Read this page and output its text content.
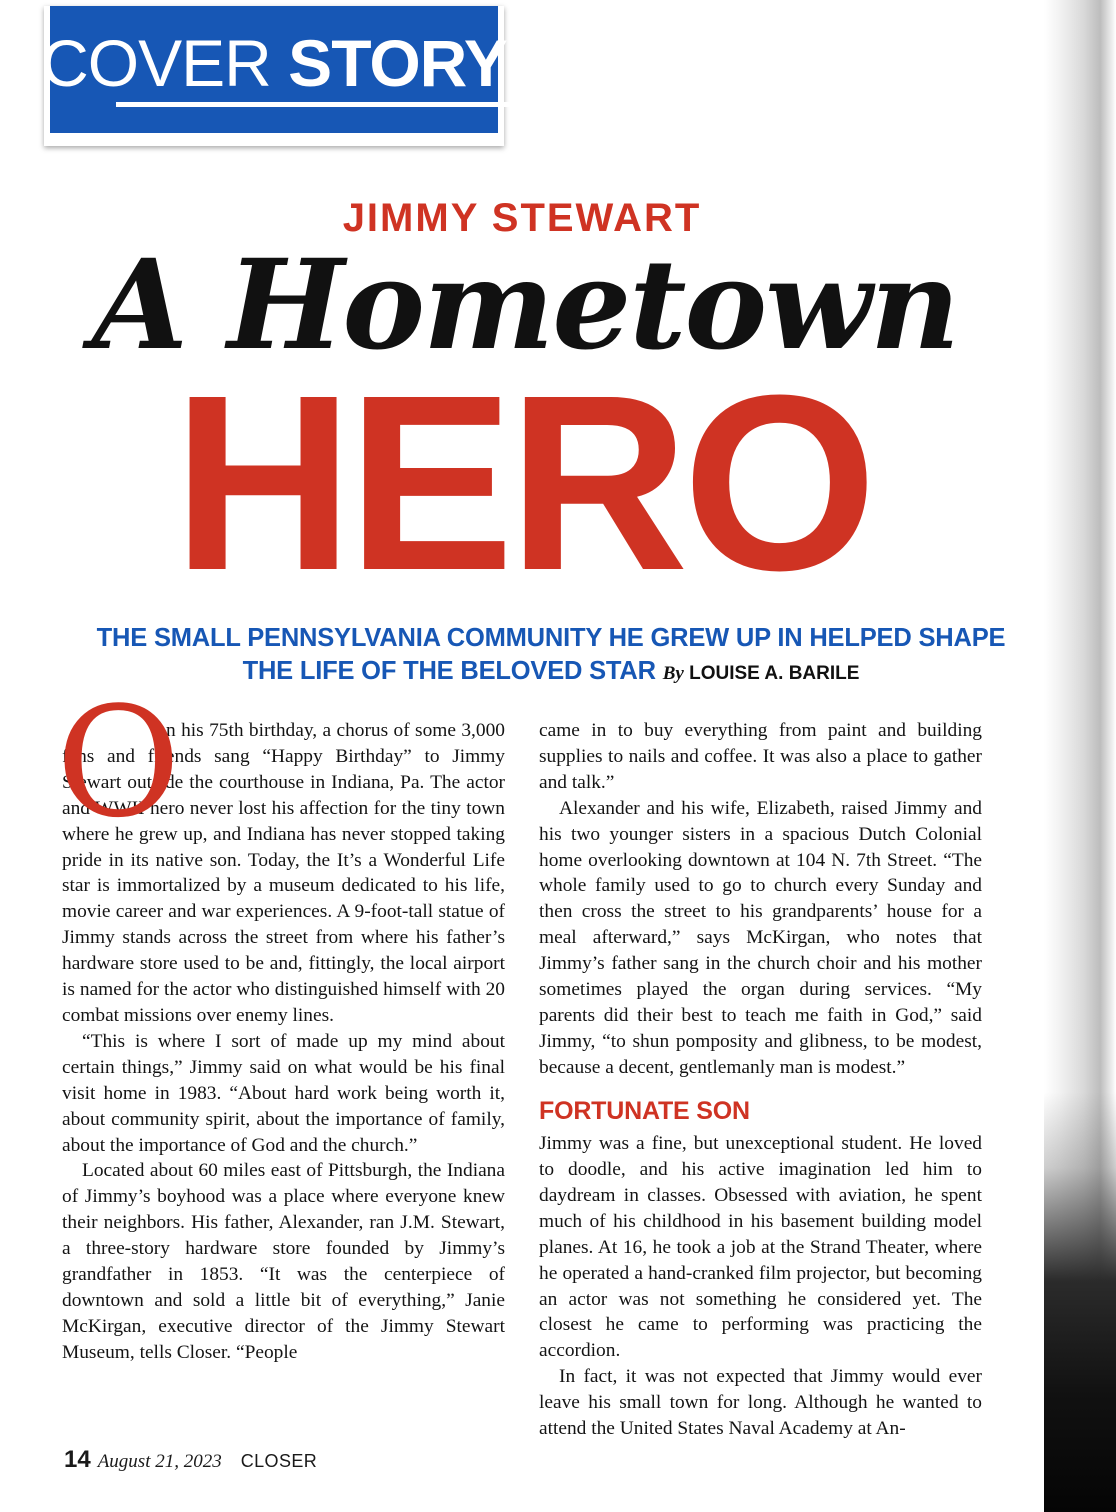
COVER STORY
JIMMY STEWART
A Hometown
HERO
THE SMALL PENNSYLVANIA COMMUNITY HE GREW UP IN HELPED SHAPE THE LIFE OF THE BELOVED STAR By LOUISE A. BARILE
O

n his 75th birthday, a chorus of some 3,000 fans and friends sang “Happy Birthday” to Jimmy Stewart outside the courthouse in Indiana, Pa. The actor and WWII hero never lost his affection for the tiny town where he grew up, and Indiana has never stopped taking pride in its native son. Today, the It’s a Wonderful Life star is immortalized by a museum dedicated to his life, movie career and war experiences. A 9-foot-tall statue of Jimmy stands across the street from where his father’s hardware store used to be and, fittingly, the local airport is named for the actor who distinguished himself with 20 combat missions over enemy lines.

“This is where I sort of made up my mind about certain things,” Jimmy said on what would be his final visit home in 1983. “About hard work being worth it, about community spirit, about the importance of family, about the importance of God and the church.”

Located about 60 miles east of Pittsburgh, the Indiana of Jimmy’s boyhood was a place where everyone knew their neighbors. His father, Alexander, ran J.M. Stewart, a three-story hardware store founded by Jimmy’s grandfather in 1853. “It was the centerpiece of downtown and sold a little bit of everything,” Janie McKirgan, executive director of the Jimmy Stewart Museum, tells Closer. “People

came in to buy everything from paint and building supplies to nails and coffee. It was also a place to gather and talk.”

Alexander and his wife, Elizabeth, raised Jimmy and his two younger sisters in a spacious Dutch Colonial home overlooking downtown at 104 N. 7th Street. “The whole family used to go to church every Sunday and then cross the street to his grandparents’ house for a meal afterward,” says McKirgan, who notes that Jimmy’s father sang in the church choir and his mother sometimes played the organ during services. “My parents did their best to teach me faith in God,” said Jimmy, “to shun pomposity and glibness, to be modest, because a decent, gentlemanly man is modest.”

FORTUNATE SON

Jimmy was a fine, but unexceptional student. He loved to doodle, and his active imagination led him to daydream in classes. Obsessed with aviation, he spent much of his childhood in his basement building model planes. At 16, he took a job at the Strand Theater, where he operated a hand-cranked film projector, but becoming an actor was not something he considered yet. The closest he came to performing was practicing the accordion.

In fact, it was not expected that Jimmy would ever leave his small town for long. Although he wanted to attend the United States Naval Academy at An-

14 August 21, 2023 CLOSER
